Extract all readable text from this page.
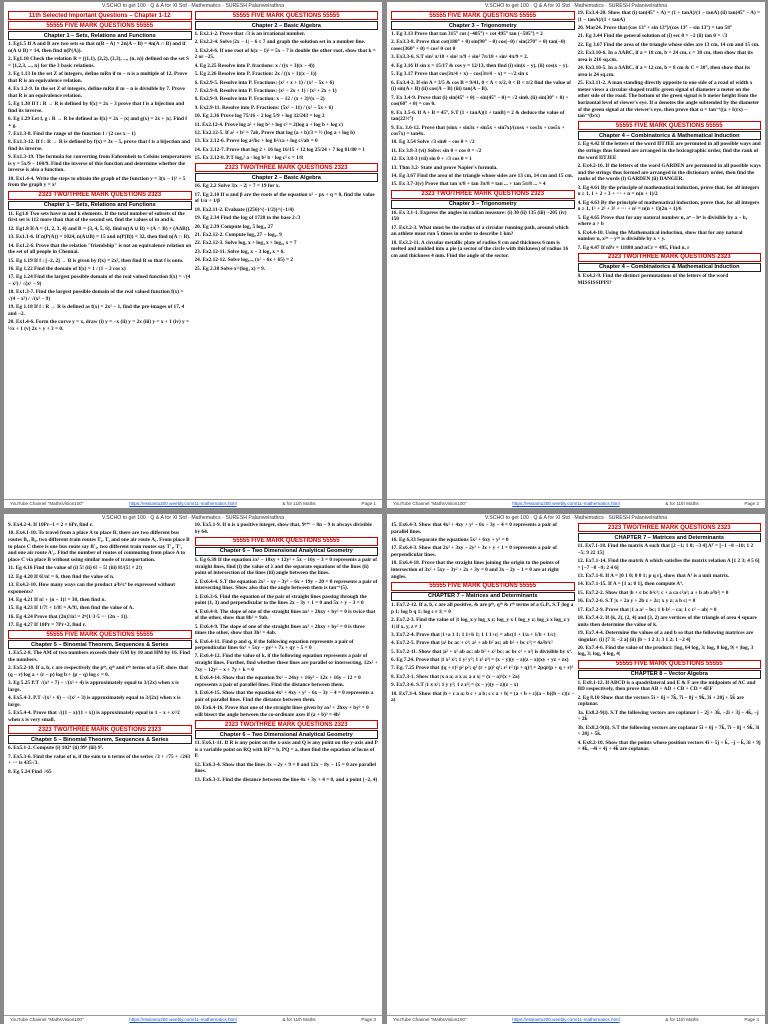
V.SCHO to get 100 · Q & A for XI Std · Mathematics · SURESH Palanivelrathna
11th Selected Important Questions – Chapter 1-12
55555 FIVE MARK QUESTIONS 55555
Chapter 1 – Sets, Relations and Functions
1. Eg1.5 If A and B are two sets so that n(B − A) = 2n(A − B) = 4n(A ∩ B) and if n(A ∪ B) = 14, then find n(P(A)).
2. Eg1.10 Check the relation R = {(1,1), (2,2), (3,3), ..., (n, n)} defined on the set S = {1,2,3, ..., n} for the 3 basic relations.
3. Eg 1.13 In the set Z of integers, define mRn if m − n is a multiple of 12. Prove that R is an equivalence relation.
4. Ex 1.2-9. In the set Z of integers, define mRn if m − n is divisible by 7. Prove that R is an equivalence relation.
5. Eg 1.30 If f : R → R is defined by f(x) = 2x − 3 prove that f is a bijection and find its inverse.
6. Eg 1.29 Let f, g : R → R be defined as f(x) = 2x − |x| and g(x) = 2x + |x|. Find f ∘ g.
7. Ex1.3-8. Find the range of the function 1 / (2 cos x − 1)
8. Ex1.3-12. If f : R → R is defined by f(x) = 3x − 5, prove that f is a bijection and find its inverse.
9. Ex1.3-19. The formula for converting from Fahrenheit to Celsius temperatures is y = 5x/9 − 160/9. Find the inverse of this function and determine whether the inverse is also a function.
10. Ex1.4-4. Write the steps to obtain the graph of the function y = 3(x − 1)² + 5 from the graph y = x²
2323 TWO/THREE MARK QUESTIONS 2323
Chapter 1 – Sets, Relations and Functions
11. Eg1.6 Two sets have m and k elements. If the total number of subsets of the first set is 112 more than that of the second set, find the values of m and k.
12. Eg1.8 If A = {1, 2, 3, 4} and B = {3, 4, 5, 6}, find n((A ∪ B) × (A ∩ B) × (A∆B)).
13. Ex1.1-6. If n(P(A)) = 1024, n(A∪B) = 15 and n(P(B)) = 32, then find n(A ∩ B).
14. Ex1.2-6. Prove that the relation "friendship" is not an equivalence relation on the set of all people in Chennai.
15. Eg 1.19 If f : [−2, 2] → B is given by f(x) = 2x³, then find B so that f is onto.
16. Eg 1.22 Find the domain of f(x) = 1 / (1 − 2 cos x)
17. Eg 1.24 Find the largest possible domain of the real valued function f(x) = √(4 − x²) / √(x² − 9)
18. Ex1.3-7. Find the largest possible domain of the real valued function f(x) = √(4 − x²) / √(x² − 9)
19. Eg 1.18 If f : R → R is defined as f(x) = 2x² − 1, find the pre-images of 17, 4 and −2.
20. Ex1.4-6. Form the curve y = x, draw (i) y = −x (ii) y = 2x (iii) y = x + 1 (iv) y = ½x + 1 (v) 2x + y + 3 = 0.
55555 FIVE MARK QUESTIONS 55555
Chapter 2 – Basic Algebra
1. Ex2.1-2. Prove that √3 is an irrational number.
2. Ex2.2-4. Solve |2x − 1| − 6 ≤ 7 and graph the solution set in a number line.
3. Ex2.4-6. If one root of k(x − 1)² = 5x − 7 is double the other root, show that k = 2 or −25.
4. Eg 2.25 Resolve into P. fractions: x / ((x + 3)(x − 4))
5. Eg 2.26 Resolve into P. Fraction: 2x / ((x + 1)(x − 1))
6. Ex2.9-5. Resolve into P. Fractions: (x² + x + 1) / (x² − 5x + 6)
7. Ex2.9-8. Resolve into P. Fractions: (x² − 2x + 1) / (x² + 2x + 1)
8. Ex2.9-9. Resolve into P. Fraction: x − 12 / (x + 3)²(x − 2)
9. Ex2.9-11. Resolve into P. Fractions: (5x² − 11) / (x² − 5x + 6)
10. Eg 2.36 Prove log 75/16 − 2 log 5/9 + log 32/243 = log 2
11. Ex2.12-4. Prove log a² + log b² + log c² = 2(log a + log b + log c)
12. Ex2.12-5. If a² + b² = 7ab, Prove that log (a + b)/3 = ½ (log a + log b)
13. Ex 2.12-6. Prove log a²/bc + log b²/ca + log c²/ab = 0
14. Ex 2.12-7. Prove that log 2 + 16 log 16/15 + 12 log 25/24 + 7 log 81/80 = 1
15. Ex 2.12-8. P.T logₐ² a · log b² b · log c² c = 1/8
2323 TWO/THREE MARK QUESTIONS 2323
Chapter 2 – Basic Algebra
16. Eg 2.2 Solve 3|x − 2| + 7 = 19 for x.
17. Eg 2.10 If α and β are the roots of the equation x² − px + q = 0, find the value of 1/α + 1/β
18. Ex2.11-2. Evaluate ((256)^(−1/2))^(−1/4)
19. Eg 2.34 Find the log of 1728 to the base 2√3
20. Eg 2.39 Compute log₃ 5 log₂₅ 27
21. Ex2.12-2. Compute log₉ 27 − log₂₇ 9
22. Ex2.12-3. Solve logₐ x + log₄ x + log₁₆ x = 7
23. Ex2.12-11. Solve log₂ x − 3 log₄ x = 6.
24. Ex2.12-12. Solve log₅₋ₓ (x² − 6x + 65) = 2
25. Eg 2.38 Solve x^(log₃ x) = 9.
YouTube Channel "MathsVision100"	https://essiantu200.weebly.com/11-mathematics.html	& for 11th Maths	Page 1
V.SCHO to get 100 · Q & A for XI Std · Mathematics · SURESH Palanivelrathna
55555 FIVE MARK QUESTIONS 55555
Chapter 3 – Trigonometry
1. Eg 3.13 Prove that tan 315° cot (−405°) + cot 495° tan (−585°) = 2
2. Ex3.3-8. Prove that cot(180° + θ) sin(90° − θ) cos(−θ) / sin(270° + θ) tan(−θ) cosec(360° + θ) = cos² θ cot θ
3. Ex3.3-6. S.T sin² π/18 + sin² π/9 + sin² 7π/18 + sin² 4π/9 = 2.
4. Eg 3.16 If sin x = 15/17 & cos y = 12/13, then find (i) sin(x − y), (ii) cos(x − y).
5. Eg 3.17 Prove that cos(3π/4 + x) − cos(3π/4 − x) = −√2 sin x
6. Ex3.4-2. If sin A = 3/5 & cos B = 9/41, 0 < A < π/2, 0 < B < π/2 find the value of (i) sin(A + B) (ii) cos(A − B) (iii) tan(A − B).
7. Ex 3.4-9. Prove that (i) sin(45° + θ) − sin(45° − θ) = √2 sinθ. (ii) sin(30° + θ) + cos(60° + θ) = cos θ.
8. Ex 3.5-6. If A + B = 45°, S.T (1 + tanA)(1 + tanB) = 2 & deduce the value of tan(22½°)
9. Ex. 3.6-12. Prove that (sinx + sin3x + sin5x + sin7x)/(cosx + cos3x + cos5x + cos7x) = tan4x.
10. Eg 3.54 Solve √3 sinθ − cos θ = √2
11. Ex 3.8-3 (vi) Solve: sin θ + cos θ = √2
12. Ex 3.8-3 (vii) sin θ + √3 cos θ = 1
13. Thm 3.2- State and prove Napier's formula.
14. Eg 3.67 Find the area of the triangle whose sides are 13 cm, 14 cm and 15 cm.
15. Ex 3.7-3(v) Prove that tan π/8 + tan 3π/8 = tan ... + tan 5π/8 ... = 4
2323 TWO/THREE MARK QUESTIONS 2323
Chapter 3 – Trigonometry
16. Ex 3.1-1. Express the angles in radian measure: (i) 30 (ii) 135 (iii) −205 (iv) 150
17. Ex3.2-3. What must be the radius of a circular running path, around which an athlete must run 5 times in order to describe 1 km?
18. Ex3.2-11. A circular metallic plate of radius 8 cm and thickness 6 mm is melted and molded into a pie (a sector of the circle with thickness) of radius 16 cm and thickness 4 mm. Find the angle of the sector.
19. Ex3.4-20. Show that (i) tan(45° + A) = (1 + tanA)/(1 − tanA) (ii) tan(45° − A) = (1 − tanA)/(1 + tanA)
20. Mar24. Prove that (cos 13° + sin 13°)/(cos 13° − sin 13°) = tan 58°
21. Eg 3.44 Find the general solution of (i) sec θ = −2 (ii) tan θ = √3
22. Eg 3.67 Find the area of the triangle whose sides are 13 cm, 14 cm and 15 cm.
23. Ex3.10-6. In a ∆ABC, if a = 18 cm, b = 24 cm, c = 30 cm, then show that its area is 216 sq.cm.
24. Ex3.10-5. In a ∆ABC, if a = 12 cm, b = 8 cm & C = 30°, then show that its area is 24 sq.cm.
25. Ex3.11-2. A man standing directly opposite to one side of a road of width x meter views a circular shaped traffic green signal of diameter a meter on the other side of the road. The bottom of the green signal is b meter height from the horizontal level of viewer's eye. If α denotes the angle subtended by the diameter of the green signal at the viewer's eye, then prove that α = tan⁻¹((a + b)/x) − tan⁻¹(b/x)
55555 FIVE MARK QUESTIONS 55555
Chapter 4 – Combinatorics & Mathematical Induction
1. Eg 4.42 If the letters of the word IITJEE are permuted in all possible ways and the strings thus formed are arranged in the lexicographic order, find the rank of the word IITJEE
2. Ex4.2-16. If the letters of the word GARDEN are permuted in all possible ways and the strings thus formed are arranged in the dictionary order, then find the ranks of the words (i) GARDEN (ii) DANGER.
3. Eg 4.61 By the principle of mathematical induction, prove that, for all integers n ≥ 1, 1 + 2 + 3 + ··· + n = n(n + 1)/2
4. Eg 4.63 By the principle of mathematical induction, prove that, for all integers n ≥ 1, 1² + 2² + 3² + ··· + n² = n(n + 1)(2n + 1)/6
5. Eg 4.65 Prove that for any natural number n, aⁿ − bⁿ is divisible by a − b, where a > b
6. Ex4.4-10. Using the Mathematical induction, show that for any natural number n, x²ⁿ − y²ⁿ is divisible by x + y.
7. Eg 4.47 If nPr = 11880 and nCr = 495, Find n, r
2323 TWO/THREE MARK QUESTIONS 2323
Chapter 4 – Combinatorics & Mathematical Induction
8. Ex4.2-9. Find the distinct permutations of the letters of the word MISSISSIPPI?
YouTube Channel "MathsVision100"	https://essiantu200.weebly.com/11-mathematics.html	& for 11th Maths	Page 2
V.SCHO to get 100 · Q & A for XI Std · Mathematics · SURESH Palanivelrathna
9. Ex4.2-4. If 10Pr−1 = 2 × 6Pr, find r.
10. Ex4.1-10. To travel from a place A to place B, there are two different bus routes B₁, B₂, two different train routes T₁, T₂ and one air route A₁. From place B to place C there is one bus route say B'₁, two different train routes say T'₁, T'₂ and one air route A'₁. Find the number of routes of commuting from place A to place C via place B without using similar mode of transportation.
11. Eg 4.16 Find the value of (i) 5! (ii) 6! − 5! (iii) 8!/(5! × 2!)
12. Eg 4.20 If 6!/n! = 6, then find the value of n.
13. Ex4.2-10. How many ways can the product a²b³c⁴ be expressed without exponents?
14. Eg 4.21 If n! + (n − 1)! = 30, then find n.
15. Eg 4.23 If 1/7! + 1/8! = A/9!, then find the value of A.
16. Eg 4.24 Prove that (2n)!/n! = 2ⁿ{1·3·5 ··· (2n − 1)}.
17. Eg 4.27 If 10Pr = 7Pr+2, find r.
55555 FIVE MARK QUESTIONS 55555
Chapter 5 – Binomial Theorem, Sequences & Series
1. Ex5.2-8. The AM of two numbers exceeds their GM by 10 and HM by 16. Find the numbers.
2. Ex5.2-10. If a, b, c are respectively the pᵗʰ, qᵗʰ and rᵗʰ terms of a GP, show that (q − r) log a + (r − p) log b + (p − q) log c = 0.
3. Eg 5.25 P.T √(x² + 7) − √(x² + 4) is approximately equal to 3/(2x) when x is large.
4. Ex5.4-3. P.T √(x² + 6) − √(x² + 3) is approximately equal to 3/(2x) when x is large.
5. Ex5.4-4. Prove that √((1 − x)/(1 + x)) is approximately equal to 1 − x + x²/2 when x is very small.
2323 TWO/THREE MARK QUESTIONS 2323
Chapter 5 – Binomial Theorem, Sequences & Series
6. Ex5.1-2. Compute (i) 102⁴ (ii) 99⁴ (iii) 9⁷.
7. Ex5.3-6. Find the value of n, if the sum to n terms of the series √3 + √75 + √243 + ··· is 435√3.
8. Eg 5.24 Find √65
10. Ex5.1-9. If n is a positive integer, show that, 9ⁿ⁺¹ − 8n − 9 is always divisible by 64.
55555 FIVE MARK QUESTIONS 55555
Chapter 6 – Two Dimensional Analytical Geometry
1. Eg 6.38 If the equation λx² − 10xy + 12y² + 5x − 16y − 3 = 0 represents a pair of straight lines, find (i) the value of λ and the separate equations of the lines (ii) point of intersection of the lines (iii) angle between the lines.
2. Ex6.4-4. S.T the equation 2x² − xy − 3y² − 6x + 19y − 20 = 0 represents a pair of intersecting lines. Show also that the angle between them is tan⁻¹(5).
3. Ex6.3-6. Find the equation of the pair of straight lines passing through the point (1, 3) and perpendicular to the lines 2x − 3y + 1 = 0 and 5x + y − 3 = 0
4. Ex6.4-8. The slope of one of the straight lines ax² + 2hxy + by² = 0 is twice that of the other, show that 8h² = 9ab.
5. Ex6.4-9. The slope of one of the straight lines ax² + 2hxy + by² = 0 is three times the other, show that 3h² = 4ab.
6. Ex6.4-11. Find p and q, if the following equation represents a pair of perpendicular lines 6x² + 5xy − py² + 7x + qy − 5 = 0
7. Ex6.4-12. Find the value of k, if the following equation represents a pair of straight lines. Further, find whether these lines are parallel or intersecting, 12x² + 7xy − 12y² − x + 7y + k = 0
8. Ex6.4-14. Show that the equation 9x² − 24xy + 16y² − 12x + 16y − 12 = 0 represents a pair of parallel lines. Find the distance between them.
9. Ex6.4-15. Show that the equation 4x² + 4xy + y² − 6x − 3y − 4 = 0 represents a pair of parallel lines. Find the distance between them.
10. Ex6.4-16. Prove that one of the straight lines given by ax² + 2hxy + by² = 0 will bisect the angle between the co-ordinate axes if (a + b)² = 4h²
2323 TWO/THREE MARK QUESTIONS 2323
Chapter 6 – Two Dimensional Analytical Geometry
11. Ex6.1-11. If R is any point on the x-axis and Q is any point on the y-axis and P is a variable point on RQ with RP = b, PQ = a, then find the equation of locus of P.
12. Ex6.3-4. Show that the lines 3x − 2y + 9 = 0 and 12x − 8y − 15 = 0 are parallel lines.
13. Ex6.3-3. Find the distance between the line 4x + 3y + 4 = 0, and a point (−2, 4)
YouTube Channel "MathsVision100"	https://essiantu200.weebly.com/11-mathematics.html	& for 11th Maths	Page 3
V.SCHO to get 100 · Q & A for XI Std · Mathematics · SURESH Palanivelrathna
15. Ex6.4-3. Show that 4x² + 4xy + y² − 6x − 3y − 4 = 0 represents a pair of parallel lines.
16. Eg 6.33 Separate the equations 5x² + 6xy + y² = 0
17. Ex6.4-3. Show that 2x² + 3xy − 2y² + 3x + y + 1 = 0 represents a pair of perpendicular lines.
18. Ex6.4-18. Prove that the straight lines joining the origin to the points of intersection of 3x² + 5xy − 3y² + 2x + 3y = 0 and 3x − 2y − 1 = 0 are at right angles.
55555 FIVE MARK QUESTIONS 55555
CHAPTER 7 – Matrices and Determinants
1. Ex7.2-12. If a, b, c are all positive, & are pᵗʰ, qᵗʰ & rᵗʰ terms of a G.P., S.T |log a p 1; log b q 1; log c r 1| = 0
2. Ex7.2-3. Find the value of |1 log_x y log_x z; log_y x 1 log_y z; log_z x log_z y 1| if x, y, z ≠ 1
3. Ex7.2-4. Prove that |1+a 1 1; 1 1+b 1; 1 1 1+c| = abc(1 + 1/a + 1/b + 1/c)
4. Ex7.2-5. Prove that |a² bc ac + c²; a² + ab b² ac; ab b² + bc c²| = 4a²b²c²
5. Ex7.2-11. Show that |a² + x² ab ac; ab b² + x² bc; ac bc c² + x²| is divisible by x⁴.
6. Eg 7.24. Prove that |1 x² x³; 1 y² y³; 1 z² z³| = (x − y)(y − z)(z − x)(xy + yz + zx)
7. Eg. 7.25 Prove that |(q + r)² p² p²; q² (r + p)² q²; r² r² (p + q)²| = 2pqr(p + q + r)³
8. Ex7.3-1. Show that |x a a; a x a; a a x| = (x − a)²(x + 2a)
9. Ex7.3-6. S.T |1 x x²; 1 y y²; 1 z z²| = (x − y)(y − z)(z − x)
10. Ex7.3-4. Show that |b + c a a; b c + a b; c c a + b| = (a + b + c)(a − b)(b − c)(c − a)
2323 TWO/THREE MARK QUESTIONS 2323
CHAPTER 7 – Matrices and Determinants
11. Ex7.1-18. Find the matrix A such that [2 −1; 1 0; −3 4] Aᵀ = [−1 −8 −10; 1 2 −5; 9 22 15]
12. Ex7.1-14. Find the matrix A which satisfies the matrix relation A [1 2 3; 4 5 6] = [−7 −8 −9; 2 4 6]
13. Ex7.1-8. If A = [0 1 0; 0 0 1; p q r], show that A³ is a unit matrix.
14. Ex7.1-15. If A = [1 a; 0 1], then compute A⁴.
15. Ex7.2-2. Show that |b + c bc b²c²; c + a ca c²a²; a + b ab a²b²| = 0
16. Ex7.2-6. S.T |x + 2a y + 2b z + 2c; x y z; a b c| = 0
17. Ex7.2-9. Prove that |1 a a² − bc; 1 b b² − ca; 1 c c² − ab| = 0
18. Ex7.4-2. If (k, 2), (2, 4) and (3, 2) are vertices of the triangle of area 4 square units then determine the value of k.
19. Ex7.4-4. Determine the values of a and b so that the following matrices are singular: (i) [7 3; −2 a] (ii) [b − 1 2 3; 3 1 2; 1 −2 4]
20. Ex7.4-6. Find the value of the product: |log₃ 64 log₄ 3; log₃ 8 log₄ 9| × |log₂ 3 log₈ 3; log₃ 4 log₃ 4|
55555 FIVE MARK QUESTIONS 55555
CHAPTER 8 – Vector Algebra
1. Ex8.1-12. If ABCD is a quadrilateral and E & F are the midpoints of AC and BD respectively, then prove that AB + AD + CB + CD = 4EF
2. Eg 8.10 Show that the vectors 5î + 6ĵ + 7k̂, 7î − 8ĵ + 9k̂, 3î + 20ĵ + 5k̂ are coplanar.
3a. Ex8.2-9(i). S.T the following vectors are coplanar î − 2ĵ + 3k̂, −2î + 3ĵ − 4k̂, −ĵ + 2k̂
3b. Ex8.2-9(ii). S.T the following vectors are coplanar 5î + 6ĵ + 7k̂, 7î − 8ĵ + 9k̂, 3î + 20ĵ + 5k̂.
4. Ex8.2-10. Show that the points whose position vectors 4î + 5ĵ + k̂, −ĵ − k̂, 3î + 9ĵ + 4k̂, −4î + 4ĵ + 4k̂ are coplanar.
YouTube Channel "MathsVision100"	https://essiantu200.weebly.com/11-mathematics.html	& for 11th Maths	Page 4
